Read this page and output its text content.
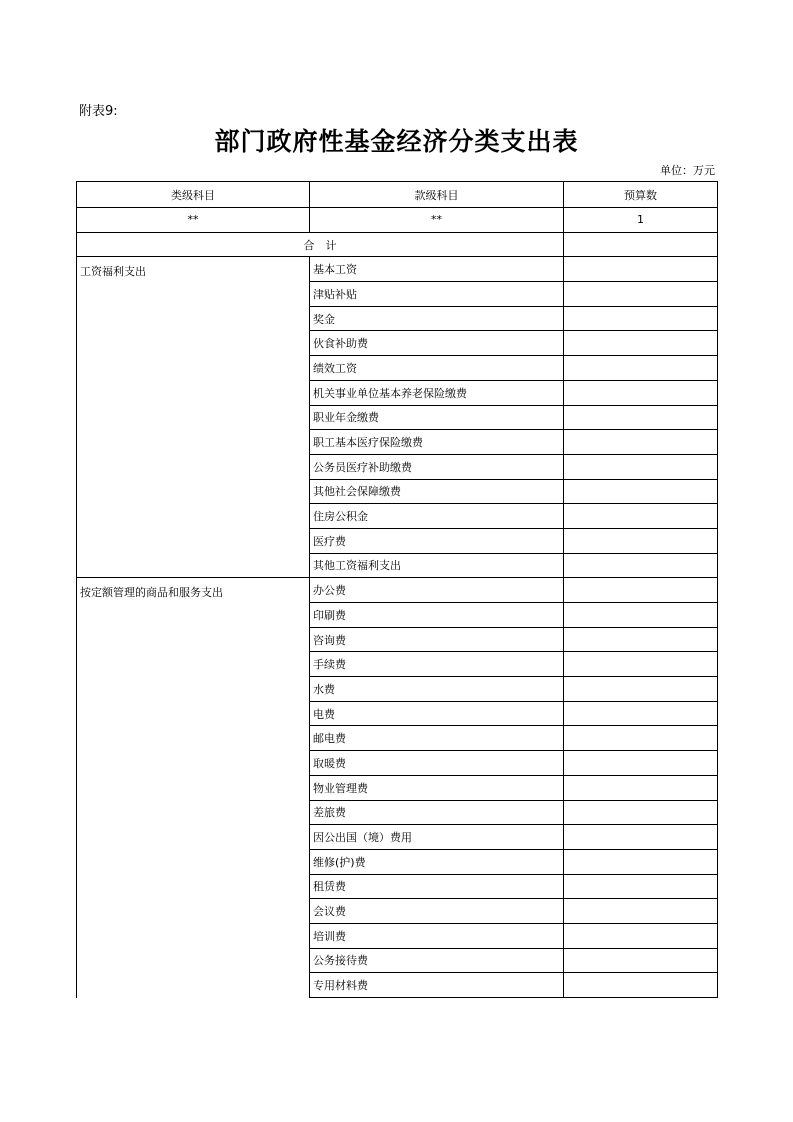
附表9:
部门政府性基金经济分类支出表
单位：万元
类级科目	款级科目	预算数
**	**	1
合　计		
工资福利支出	基本工资	
	津贴补贴	
	奖金	
	伙食补助费	
	绩效工资	
	机关事业单位基本养老保险缴费	
	职业年金缴费	
	职工基本医疗保险缴费	
	公务员医疗补助缴费	
	其他社会保障缴费	
	住房公积金	
	医疗费	
	其他工资福利支出	
按定额管理的商品和服务支出	办公费	
	印刷费	
	咨询费	
	手续费	
	水费	
	电费	
	邮电费	
	取暖费	
	物业管理费	
	差旅费	
	因公出国（境）费用	
	维修(护)费	
	租赁费	
	会议费	
	培训费	
	公务接待费	
	专用材料费	
